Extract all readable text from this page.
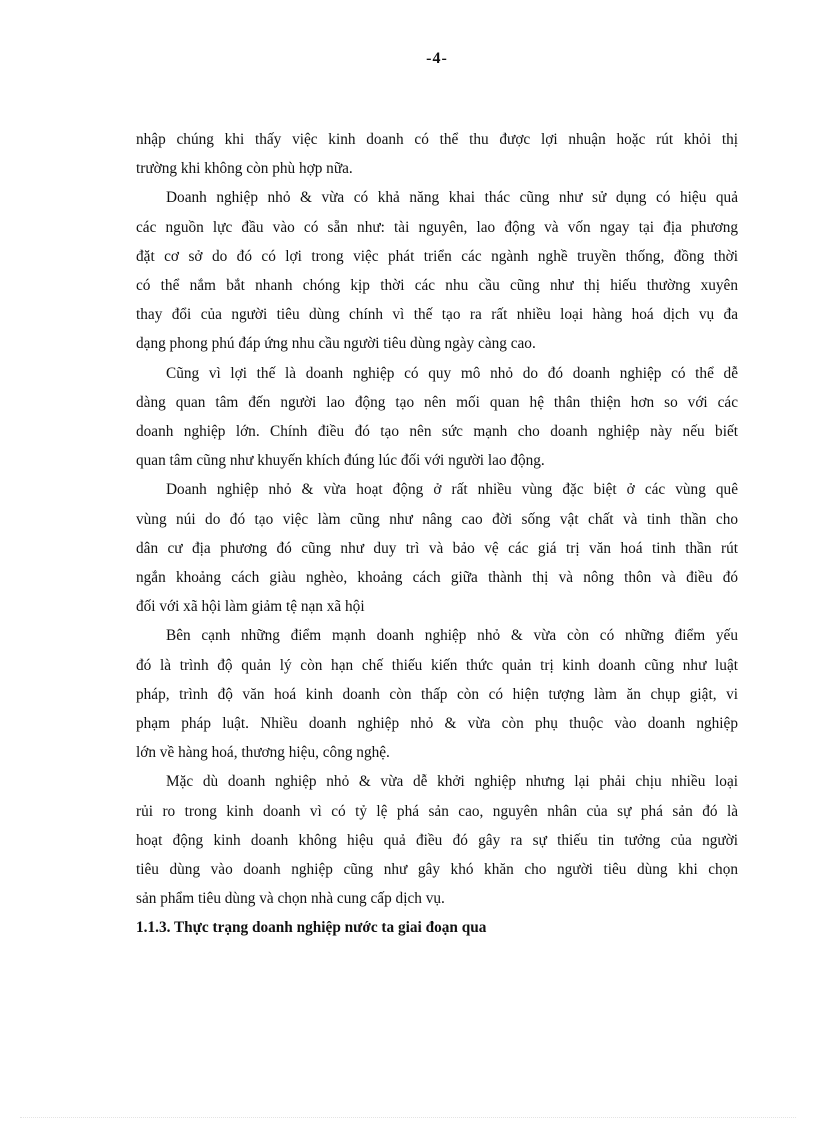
-4-

nhập chúng khi thấy việc kinh doanh có thể thu được lợi nhuận hoặc rút khỏi thị
trường khi không còn phù hợp nữa.

Doanh nghiệp nhỏ & vừa có khả năng khai thác cũng như sử dụng có hiệu quả
các nguồn lực đầu vào có sẵn như: tài nguyên, lao động và vốn ngay tại địa phương
đặt cơ sở do đó có lợi trong việc phát triển các ngành nghề truyền thống, đồng thời
có thể nắm bắt nhanh chóng kịp thời các nhu cầu cũng như thị hiếu thường xuyên
thay đổi của người tiêu dùng chính vì thế tạo ra rất nhiều loại hàng hoá dịch vụ đa
dạng phong phú đáp ứng nhu cầu người tiêu dùng ngày càng cao.

Cũng vì lợi thế là doanh nghiệp có quy mô nhỏ do đó doanh nghiệp có thể dễ
dàng quan tâm đến người lao động tạo nên mối quan hệ thân thiện hơn so với các
doanh nghiệp lớn. Chính điều đó tạo nên sức mạnh cho doanh nghiệp này nếu biết
quan tâm cũng như khuyến khích đúng lúc đối với người lao động.

Doanh nghiệp nhỏ & vừa hoạt động ở rất nhiều vùng đặc biệt ở các vùng quê
vùng núi do đó tạo việc làm cũng như nâng cao đời sống vật chất và tinh thần cho
dân cư địa phương đó cũng như duy trì và bảo vệ các giá trị văn hoá tinh thần rút
ngắn khoảng cách giàu nghèo, khoảng cách giữa thành thị và nông thôn và điều đó
đối với xã hội làm giảm tệ nạn xã hội

Bên cạnh những điểm mạnh doanh nghiệp nhỏ & vừa còn có những điểm yếu
đó là trình độ quản lý còn hạn chế thiếu kiến thức quản trị kinh doanh cũng như luật
pháp, trình độ văn hoá kinh doanh còn thấp còn có hiện tượng làm ăn chụp giật, vi
phạm pháp luật. Nhiều doanh nghiệp nhỏ & vừa còn phụ thuộc vào doanh nghiệp
lớn về hàng hoá, thương hiệu, công nghệ.

Mặc dù doanh nghiệp nhỏ & vừa dễ khởi nghiệp nhưng lại phải chịu nhiều loại
rủi ro trong kinh doanh vì có tỷ lệ phá sản cao, nguyên nhân của sự phá sản đó là
hoạt động kinh doanh không hiệu quả điều đó gây ra sự thiếu tin tưởng của người
tiêu dùng vào doanh nghiệp cũng như gây khó khăn cho người tiêu dùng khi chọn
sản phẩm tiêu dùng và chọn nhà cung cấp dịch vụ.

1.1.3. Thực trạng doanh nghiệp nước ta giai đoạn qua
